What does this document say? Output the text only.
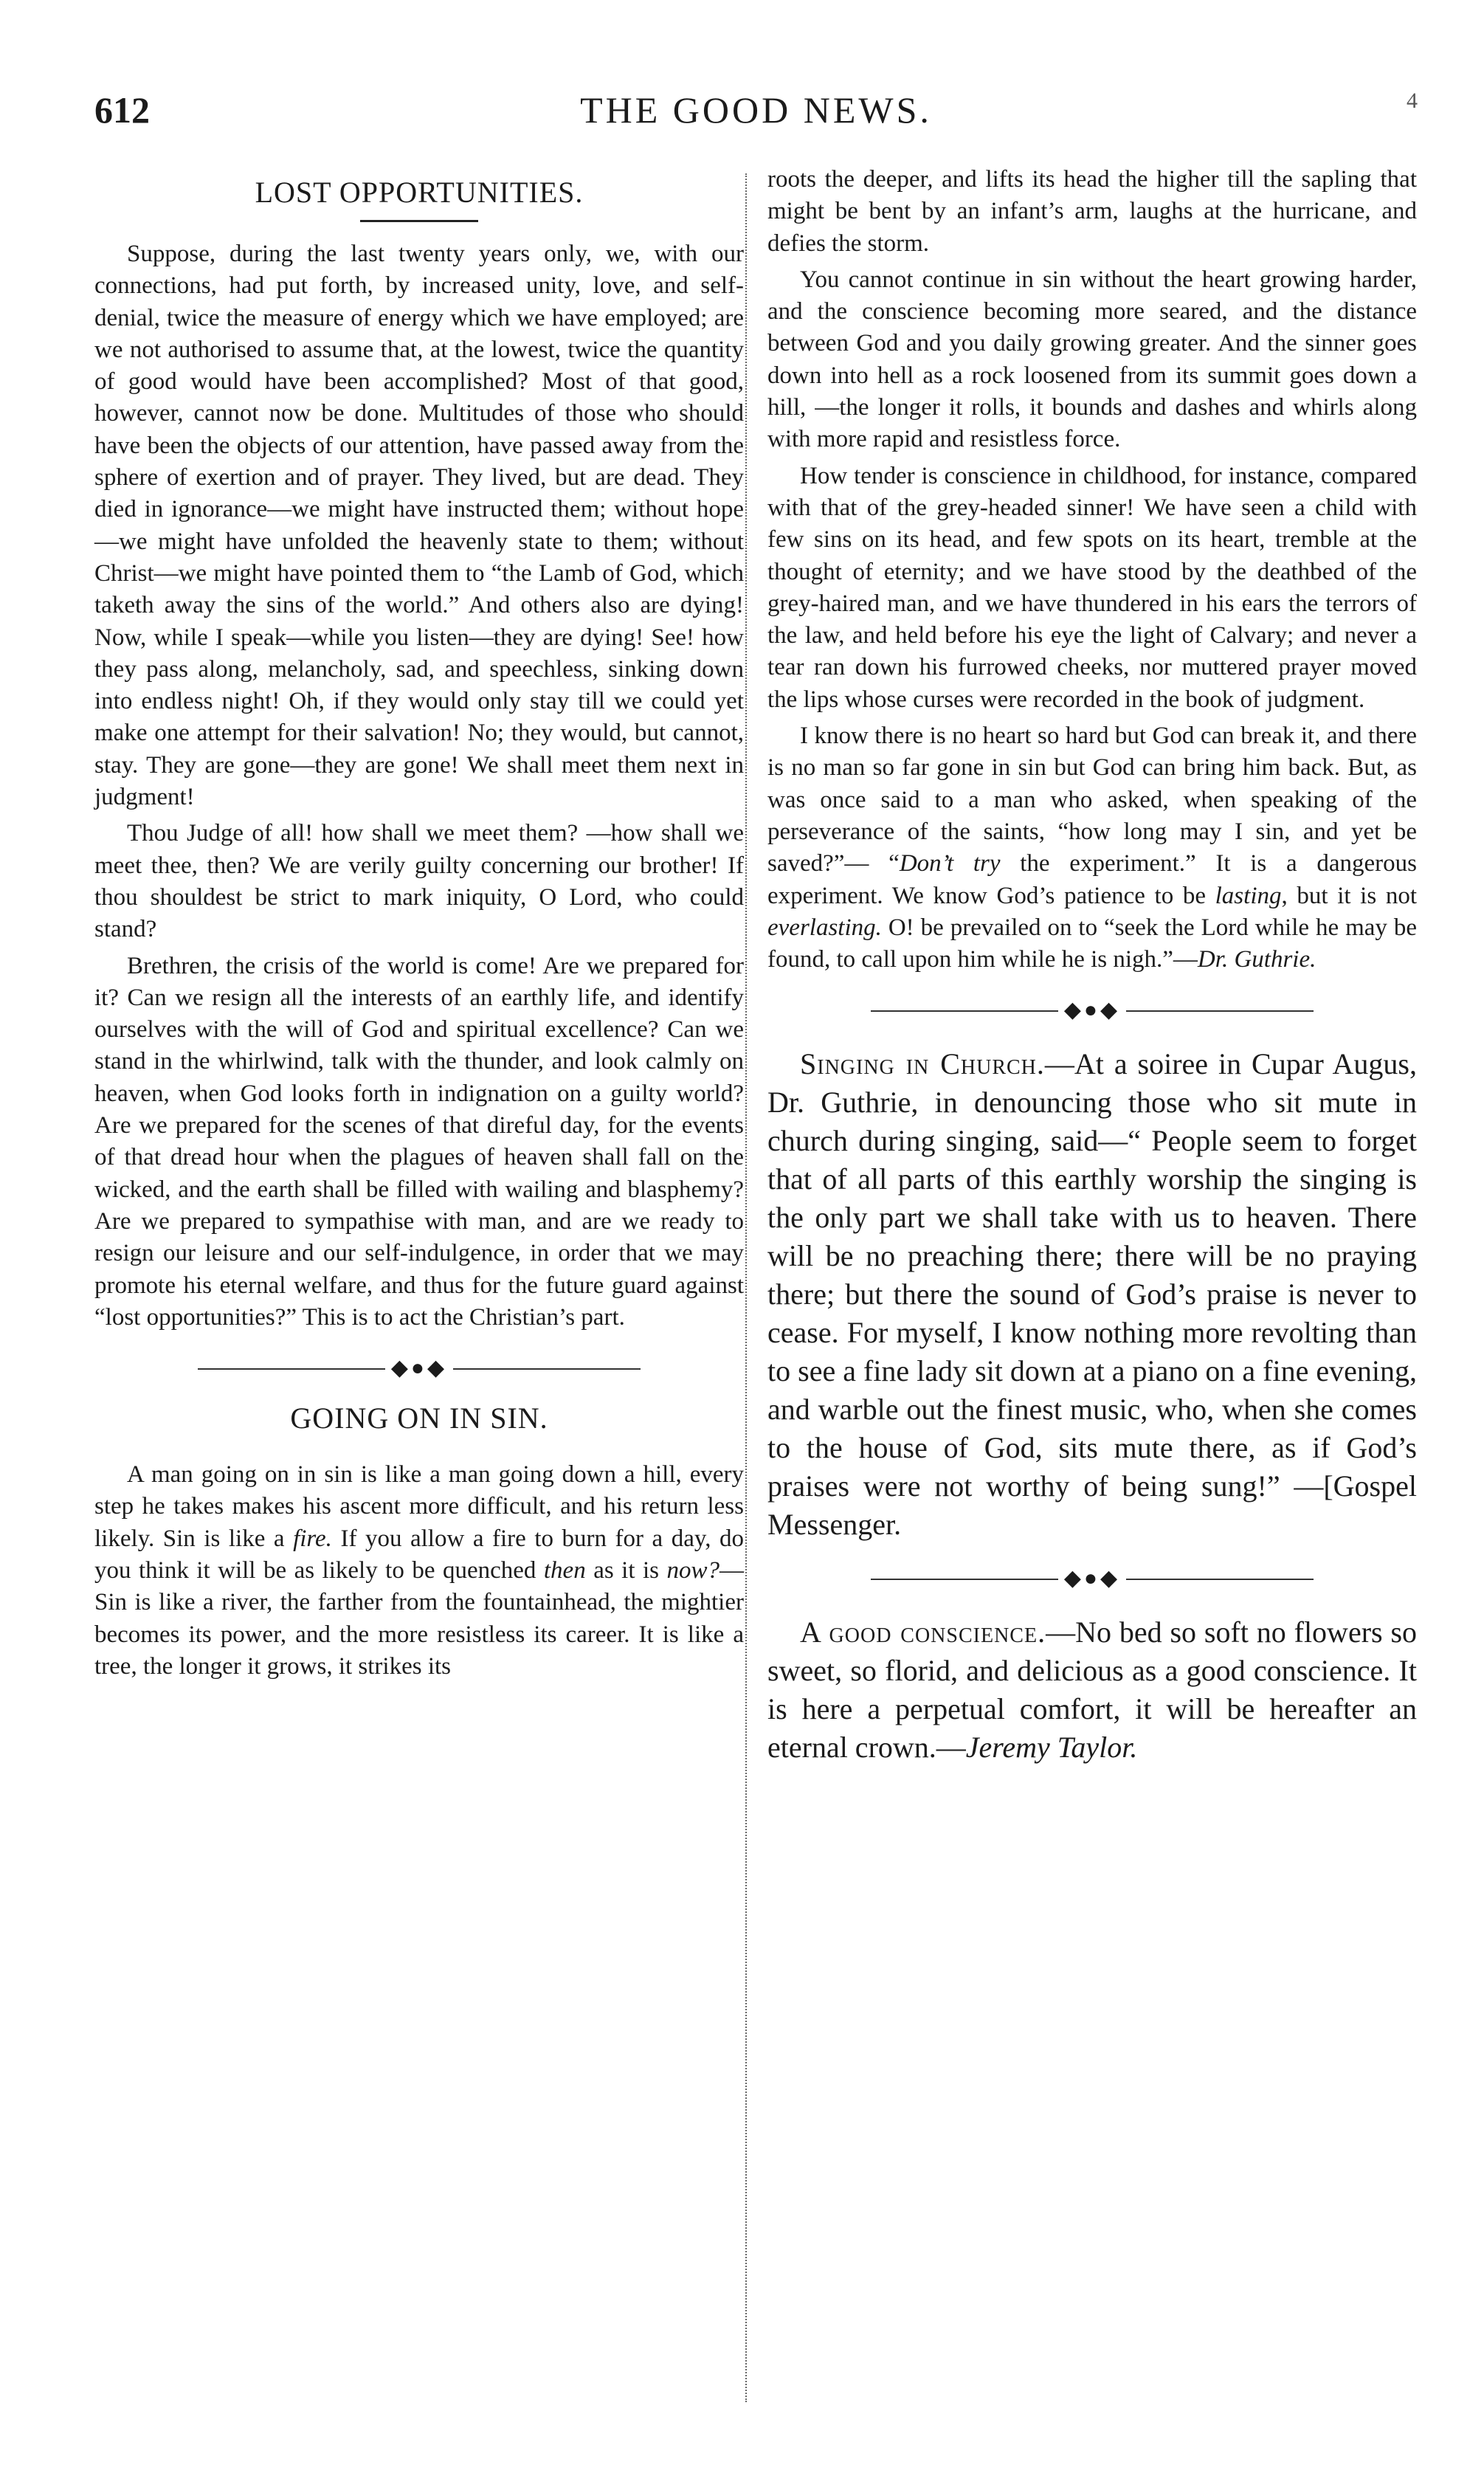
612	THE GOOD NEWS.	4
LOST OPPORTUNITIES.

Suppose, during the last twenty years only, we, with our connections, had put forth, by increased unity, love, and self-denial, twice the measure of energy which we have employed; are we not authorised to assume that, at the lowest, twice the quantity of good would have been accomplished? Most of that good, however, cannot now be done. Multitudes of those who should have been the objects of our attention, have passed away from the sphere of exertion and of prayer. They lived, but are dead. They died in ignorance—we might have instructed them; without hope—we might have unfolded the heavenly state to them; without Christ—we might have pointed them to “the Lamb of God, which taketh away the sins of the world.” And others also are dying! Now, while I speak—while you listen—they are dying! See! how they pass along, melancholy, sad, and speechless, sinking down into endless night! Oh, if they would only stay till we could yet make one attempt for their salvation! No; they would, but cannot, stay. They are gone—they are gone! We shall meet them next in judgment!

Thou Judge of all! how shall we meet them? —how shall we meet thee, then? We are verily guilty concerning our brother! If thou shouldest be strict to mark iniquity, O Lord, who could stand?

Brethren, the crisis of the world is come! Are we prepared for it? Can we resign all the interests of an earthly life, and identify ourselves with the will of God and spiritual excellence? Can we stand in the whirlwind, talk with the thunder, and look calmly on heaven, when God looks forth in indignation on a guilty world? Are we prepared for the scenes of that direful day, for the events of that dread hour when the plagues of heaven shall fall on the wicked, and the earth shall be filled with wailing and blasphemy? Are we prepared to sympathise with man, and are we ready to resign our leisure and our self-indulgence, in order that we may promote his eternal welfare, and thus for the future guard against “lost opportunities?” This is to act the Christian’s part.

◆●◆
GOING ON IN SIN.

A man going on in sin is like a man going down a hill, every step he takes makes his ascent more difficult, and his return less likely. Sin is like a fire. If you allow a fire to burn for a day, do you think it will be as likely to be quenched then as it is now?— Sin is like a river, the farther from the fountainhead, the mightier becomes its power, and the more resistless its career. It is like a tree, the longer it grows, it strikes its

roots the deeper, and lifts its head the higher till the sapling that might be bent by an infant’s arm, laughs at the hurricane, and defies the storm.

You cannot continue in sin without the heart growing harder, and the conscience becoming more seared, and the distance between God and you daily growing greater. And the sinner goes down into hell as a rock loosened from its summit goes down a hill, —the longer it rolls, it bounds and dashes and whirls along with more rapid and resistless force.

How tender is conscience in childhood, for instance, compared with that of the grey-headed sinner! We have seen a child with few sins on its head, and few spots on its heart, tremble at the thought of eternity; and we have stood by the deathbed of the grey-haired man, and we have thundered in his ears the terrors of the law, and held before his eye the light of Calvary; and never a tear ran down his furrowed cheeks, nor muttered prayer moved the lips whose curses were recorded in the book of judgment.

I know there is no heart so hard but God can break it, and there is no man so far gone in sin but God can bring him back. But, as was once said to a man who asked, when speaking of the perseverance of the saints, “how long may I sin, and yet be saved?”— “Don’t try the experiment.” It is a dangerous experiment. We know God’s patience to be lasting, but it is not everlasting. O! be prevailed on to “seek the Lord while he may be found, to call upon him while he is nigh.”—Dr. Guthrie.

◆●◆

Singing in Church.—At a soiree in Cupar Augus, Dr. Guthrie, in denouncing those who sit mute in church during singing, said—“ People seem to forget that of all parts of this earthly worship the singing is the only part we shall take with us to heaven. There will be no preaching there; there will be no praying there; but there the sound of God’s praise is never to cease. For myself, I know nothing more revolting than to see a fine lady sit down at a piano on a fine evening, and warble out the finest music, who, when she comes to the house of God, sits mute there, as if God’s praises were not worthy of being sung!” —[Gospel Messenger.

◆●◆

A good conscience.—No bed so soft no flowers so sweet, so florid, and delicious as a good conscience. It is here a perpetual comfort, it will be hereafter an eternal crown.—Jeremy Taylor.
